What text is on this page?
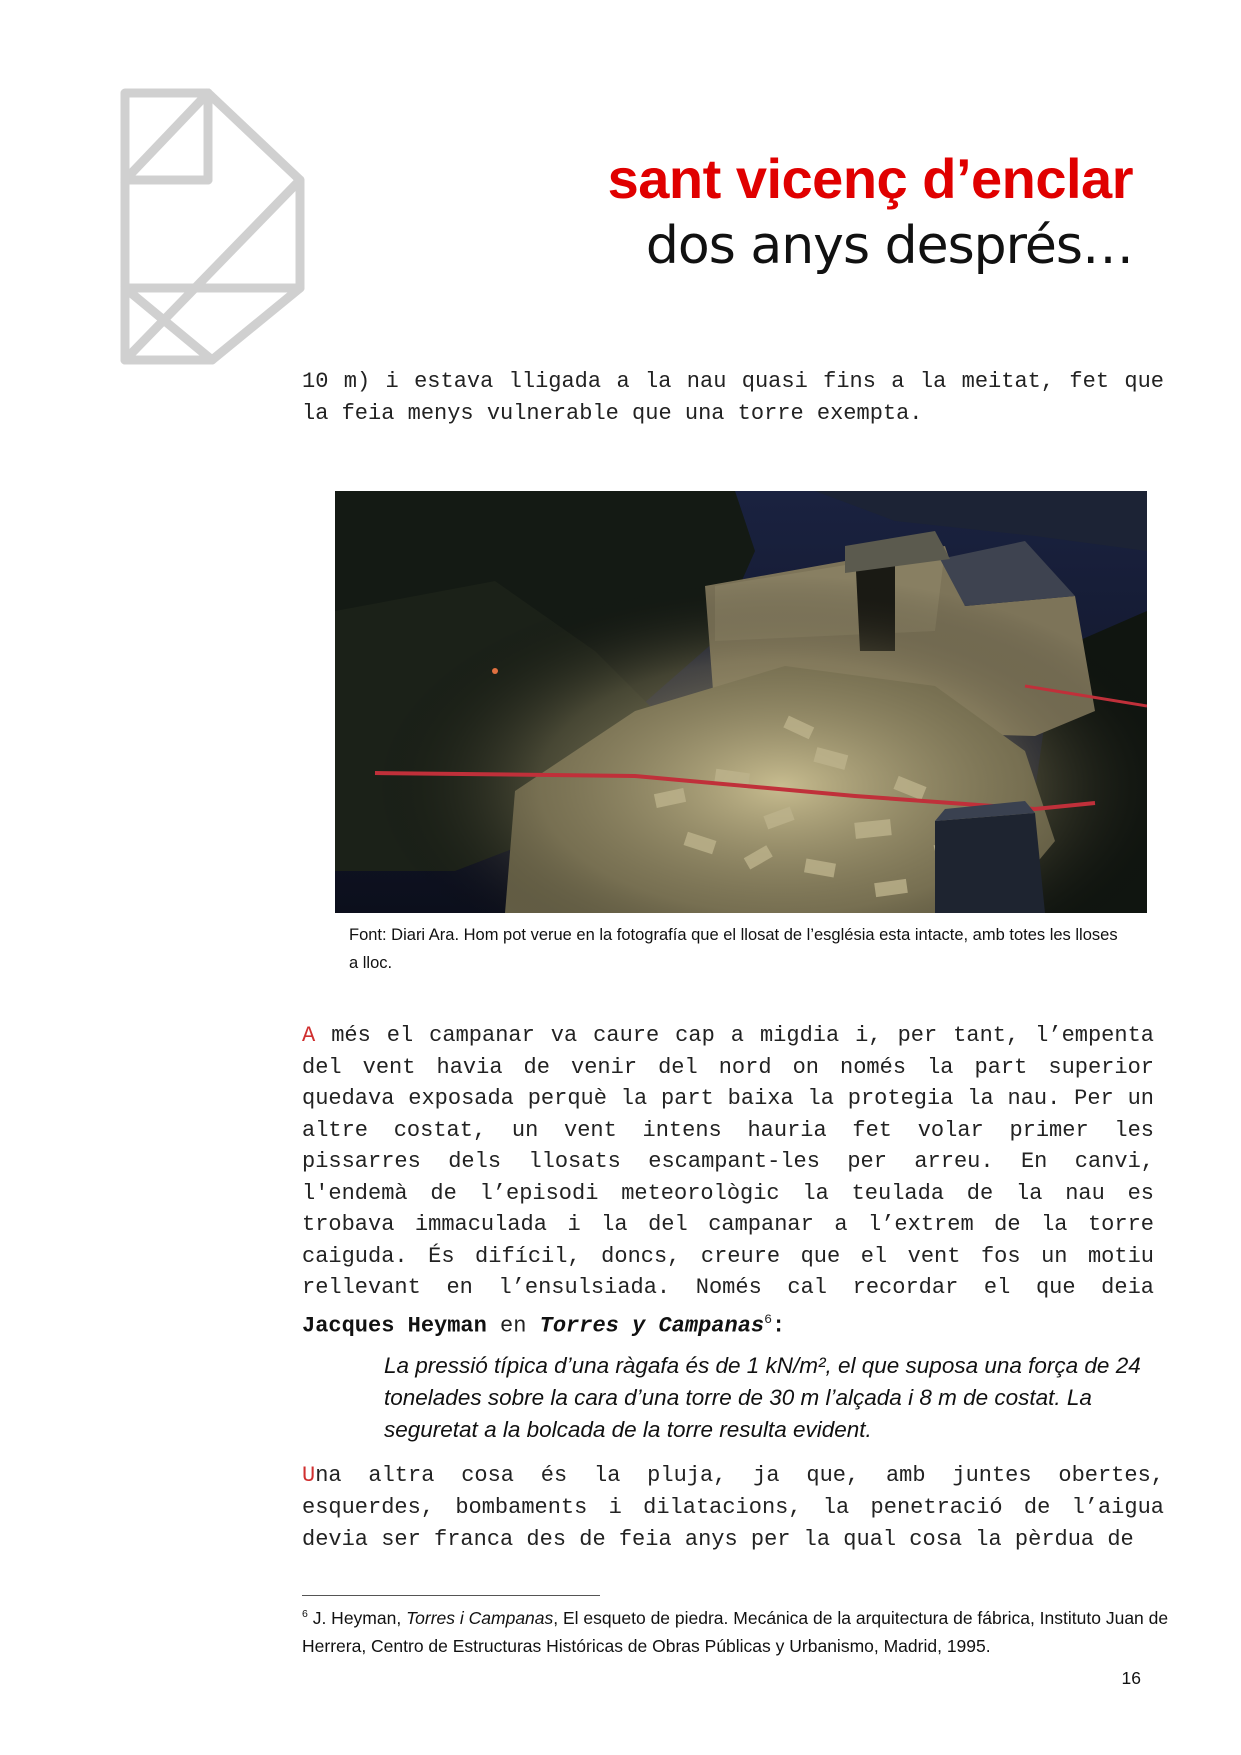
sant vicenç d’enclar
dos anys després…
10 m) i estava lligada a la nau quasi fins a la meitat, fet que la feia menys vulnerable que una torre exempta.
Font: Diari Ara. Hom pot verue en la fotografía que el llosat de l’església esta intacte, amb totes les lloses a lloc.
A més el campanar va caure cap a migdia i, per tant, l’empenta del vent havia de venir del nord on només la part superior quedava exposada perquè la part baixa la protegia la nau. Per un altre costat, un vent intens hauria fet volar primer les pissarres dels llosats escampant-les per arreu. En canvi, l'endemà de l’episodi meteorològic la teulada de la nau es trobava immaculada i la del campanar a l’extrem de la torre caiguda. És difícil, doncs, creure que el vent fos un motiu rellevant en l’ensulsiada. Només cal recordar el que deia Jacques Heyman en Torres y Campanas$^6$:
La pressió típica d’una ràgafa és de 1 kN/m², el que suposa una força de 24 tonelades sobre la cara d’una torre de 30 m l’alçada i 8 m de costat. La seguretat a la bolcada de la torre resulta evident.
Una altra cosa és la pluja, ja que, amb juntes obertes, esquerdes, bombaments i dilatacions, la penetració de l’aigua devia ser franca des de feia anys per la qual cosa la pèrdua de
$^6$ J. Heyman, Torres i Campanas, El esqueto de piedra. Mecánica de la arquitectura de fábrica, Instituto Juan de Herrera, Centro de Estructuras Históricas de Obras Públicas y Urbanismo, Madrid, 1995.
16
